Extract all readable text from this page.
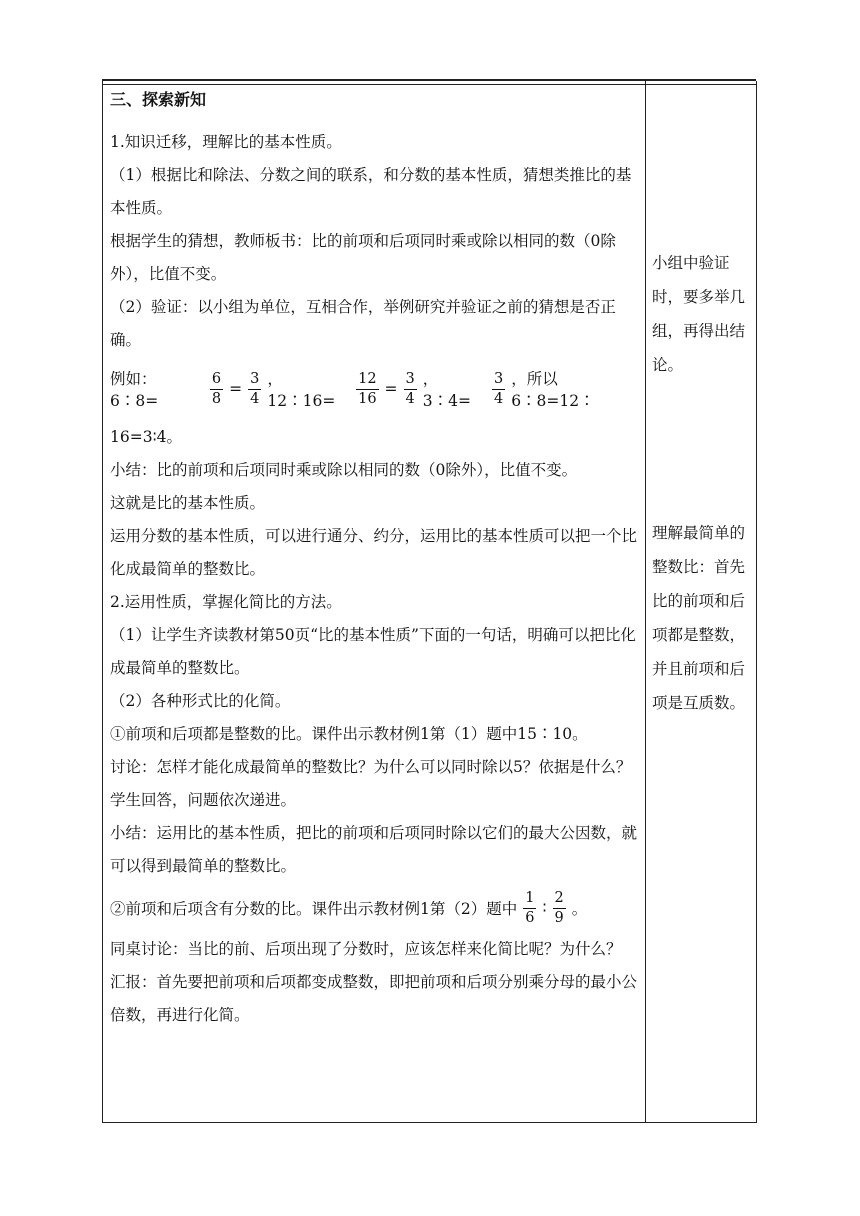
三、探索新知

1.知识迁移，理解比的基本性质。

（1）根据比和除法、分数之间的联系，和分数的基本性质，猜想类推比的基本性质。

根据学生的猜想，教师板书：比的前项和后项同时乘或除以相同的数（0除外），比值不变。

（2）验证：以小组为单位，互相合作，举例研究并验证之前的猜想是否正确。

例如：6∶8=	$\frac{6}{8} = \frac{3}{4}$ ，12∶16=	$\frac{12}{16} = \frac{3}{4}$ ，3∶4=	$\frac{3}{4}$ ，所以6∶8=12∶

16=3∶4。

小结：比的前项和后项同时乘或除以相同的数（0除外），比值不变。

这就是比的基本性质。

运用分数的基本性质，可以进行通分、约分，运用比的基本性质可以把一个比化成最简单的整数比。

2.运用性质，掌握化简比的方法。

（1）让学生齐读教材第50页“比的基本性质”下面的一句话，明确可以把比化成最简单的整数比。

（2）各种形式比的化简。

①前项和后项都是整数的比。课件出示教材例1第（1）题中15∶10。

讨论：怎样才能化成最简单的整数比？为什么可以同时除以5？依据是什么？

学生回答，问题依次递进。

小结：运用比的基本性质，把比的前项和后项同时除以它们的最大公因数，就可以得到最简单的整数比。

②前项和后项含有分数的比。课件出示教材例1第（2）题中 $\frac{1}{6}$ ∶ $\frac{2}{9}$ 。

同桌讨论：当比的前、后项出现了分数时，应该怎样来化简比呢？为什么？

汇报：首先要把前项和后项都变成整数，即把前项和后项分别乘分母的最小公倍数，再进行化简。

小组中验证时，要多举几组，再得出结论。

理解最简单的整数比：首先比的前项和后项都是整数，并且前项和后项是互质数。
